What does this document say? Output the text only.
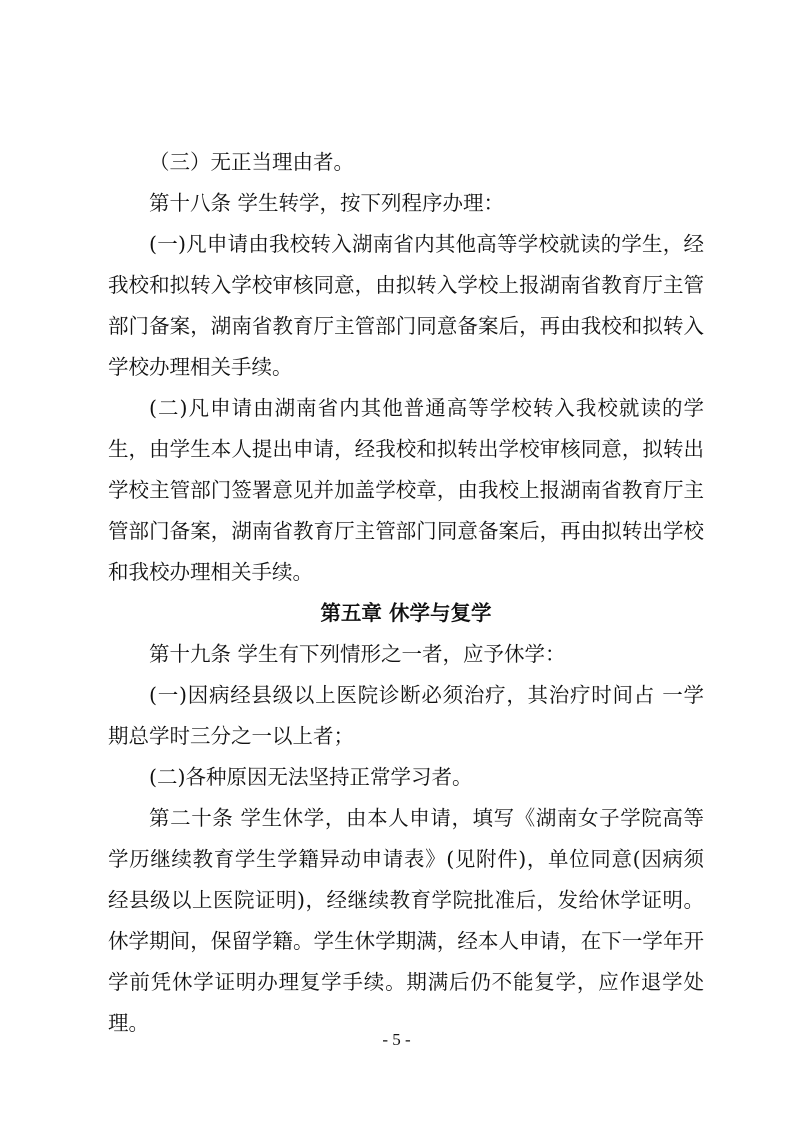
（三）无正当理由者。

第十八条 学生转学，按下列程序办理：

(一)凡申请由我校转入湖南省内其他高等学校就读的学生，经我校和拟转入学校审核同意，由拟转入学校上报湖南省教育厅主管部门备案，湖南省教育厅主管部门同意备案后，再由我校和拟转入学校办理相关手续。

(二)凡申请由湖南省内其他普通高等学校转入我校就读的学生，由学生本人提出申请，经我校和拟转出学校审核同意，拟转出学校主管部门签署意见并加盖学校章，由我校上报湖南省教育厅主管部门备案，湖南省教育厅主管部门同意备案后，再由拟转出学校和我校办理相关手续。

第五章 休学与复学

第十九条 学生有下列情形之一者，应予休学：

(一)因病经县级以上医院诊断必须治疗，其治疗时间占 一学期总学时三分之一以上者；

(二)各种原因无法坚持正常学习者。

第二十条 学生休学，由本人申请，填写《湖南女子学院高等学历继续教育学生学籍异动申请表》(见附件)，单位同意(因病须经县级以上医院证明)，经继续教育学院批准后，发给休学证明。休学期间，保留学籍。学生休学期满，经本人申请，在下一学年开学前凭休学证明办理复学手续。期满后仍不能复学，应作退学处理。

- 5 -
